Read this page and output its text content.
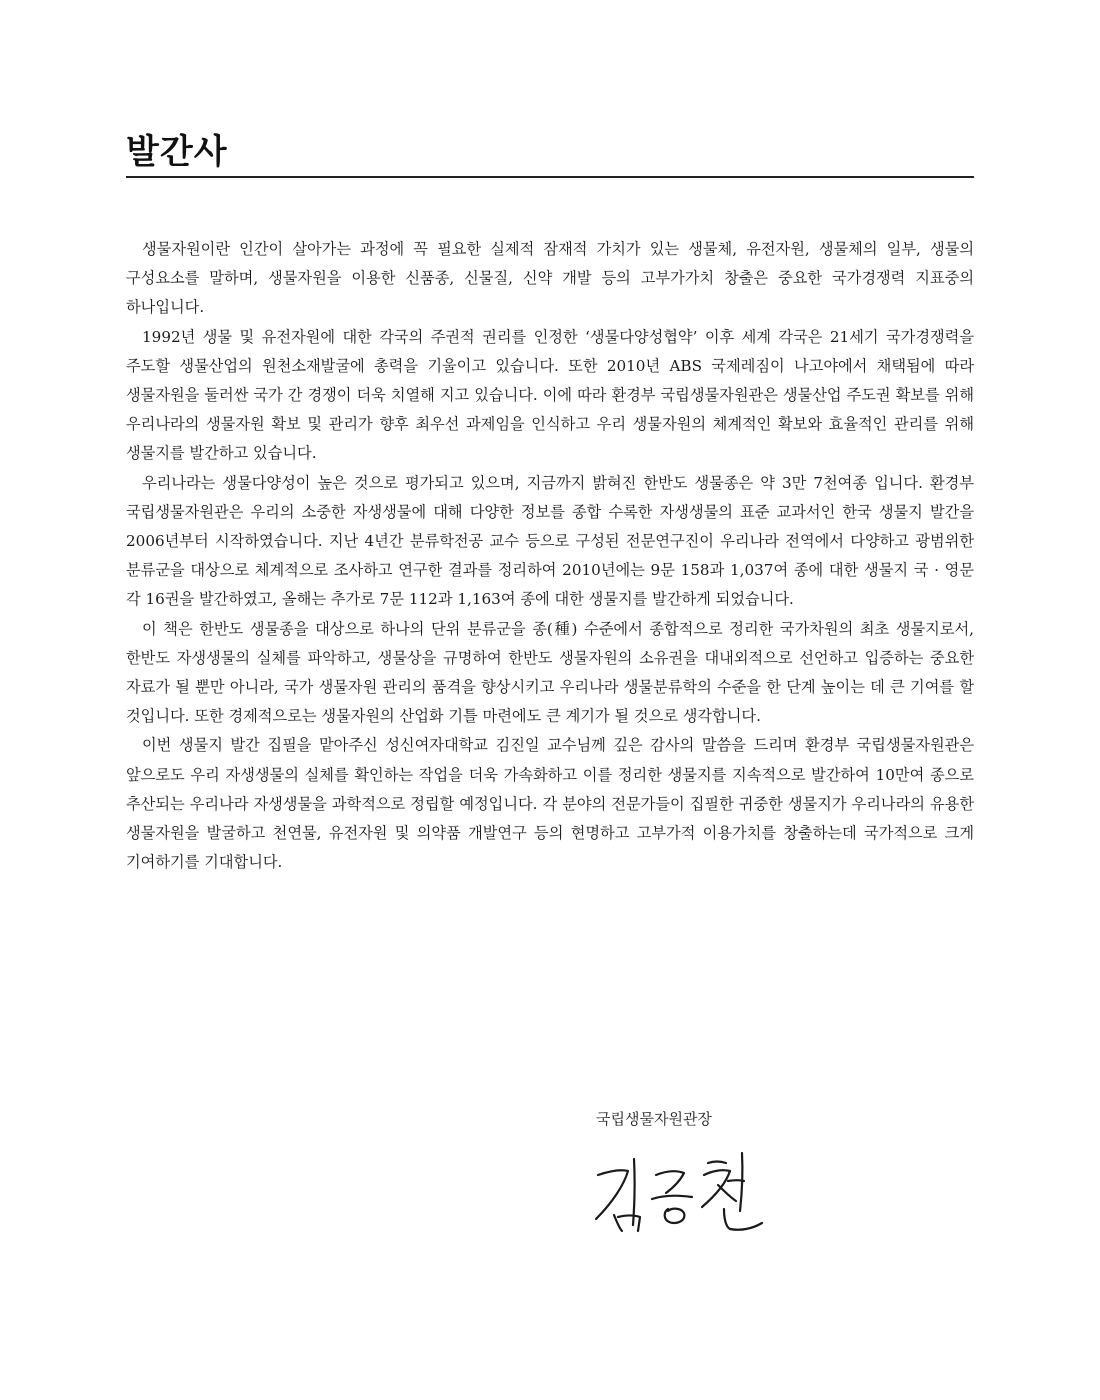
발간사

생물자원이란 인간이 살아가는 과정에 꼭 필요한 실제적 잠재적 가치가 있는 생물체, 유전자원, 생물체의 일부, 생물의 구성요소를 말하며, 생물자원을 이용한 신품종, 신물질, 신약 개발 등의 고부가가치 창출은 중요한 국가경쟁력 지표중의 하나입니다.

1992년 생물 및 유전자원에 대한 각국의 주권적 권리를 인정한 ‘생물다양성협약’ 이후 세계 각국은 21세기 국가경쟁력을 주도할 생물산업의 원천소재발굴에 총력을 기울이고 있습니다. 또한 2010년 ABS 국제레짐이 나고야에서 채택됨에 따라 생물자원을 둘러싼 국가 간 경쟁이 더욱 치열해 지고 있습니다. 이에 따라 환경부 국립생물자원관은 생물산업 주도권 확보를 위해 우리나라의 생물자원 확보 및 관리가 향후 최우선 과제임을 인식하고 우리 생물자원의 체계적인 확보와 효율적인 관리를 위해 생물지를 발간하고 있습니다.

우리나라는 생물다양성이 높은 것으로 평가되고 있으며, 지금까지 밝혀진 한반도 생물종은 약 3만 7천여종 입니다. 환경부 국립생물자원관은 우리의 소중한 자생생물에 대해 다양한 정보를 종합 수록한 자생생물의 표준 교과서인 한국 생물지 발간을 2006년부터 시작하였습니다. 지난 4년간 분류학전공 교수 등으로 구성된 전문연구진이 우리나라 전역에서 다양하고 광범위한 분류군을 대상으로 체계적으로 조사하고 연구한 결과를 정리하여 2010년에는 9문 158과 1,037여 종에 대한 생물지 국 · 영문 각 16권을 발간하였고, 올해는 추가로 7문 112과 1,163여 종에 대한 생물지를 발간하게 되었습니다.

이 책은 한반도 생물종을 대상으로 하나의 단위 분류군을 종(種) 수준에서 종합적으로 정리한 국가차원의 최초 생물지로서, 한반도 자생생물의 실체를 파악하고, 생물상을 규명하여 한반도 생물자원의 소유권을 대내외적으로 선언하고 입증하는 중요한 자료가 될 뿐만 아니라, 국가 생물자원 관리의 품격을 향상시키고 우리나라 생물분류학의 수준을 한 단계 높이는 데 큰 기여를 할 것입니다. 또한 경제적으로는 생물자원의 산업화 기틀 마련에도 큰 계기가 될 것으로 생각합니다.

이번 생물지 발간 집필을 맡아주신 성신여자대학교 김진일 교수님께 깊은 감사의 말씀을 드리며 환경부 국립생물자원관은 앞으로도 우리 자생생물의 실체를 확인하는 작업을 더욱 가속화하고 이를 정리한 생물지를 지속적으로 발간하여 10만여 종으로 추산되는 우리나라 자생생물을 과학적으로 정립할 예정입니다. 각 분야의 전문가들이 집필한 귀중한 생물지가 우리나라의 유용한 생물자원을 발굴하고 천연물, 유전자원 및 의약품 개발연구 등의 현명하고 고부가적 이용가치를 창출하는데 국가적으로 크게 기여하기를 기대합니다.

국립생물자원관장
